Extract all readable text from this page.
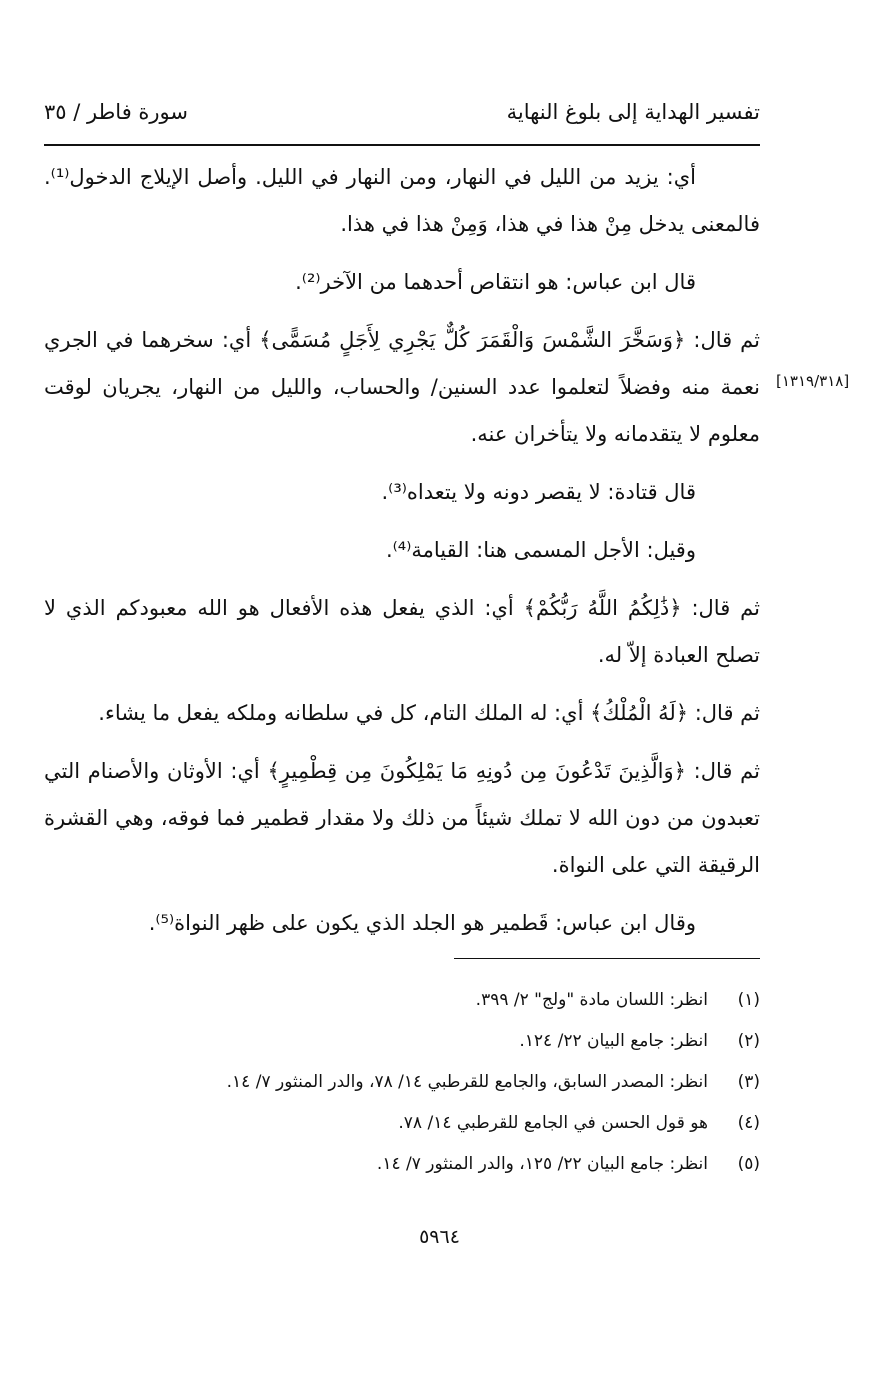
تفسير الهداية إلى بلوغ النهاية
سورة فاطر / ٣٥
[١٣١٩/٣١٨]

أي: يزيد من الليل في النهار، ومن النهار في الليل. وأصل الإيلاج الدخول⁽¹⁾. فالمعنى يدخل مِنْ هذا في هذا، وَمِنْ هذا في هذا.

قال ابن عباس: هو انتقاص أحدهما من الآخر⁽²⁾.

ثم قال: ﴿وَسَخَّرَ الشَّمْسَ وَالْقَمَرَ كُلٌّ يَجْرِي لِأَجَلٍ مُسَمًّى﴾ أي: سخرهما في الجري نعمة منه وفضلاً لتعلموا عدد السنين/ والحساب، والليل من النهار، يجريان لوقت معلوم لا يتقدمانه ولا يتأخران عنه.

قال قتادة: لا يقصر دونه ولا يتعداه⁽³⁾.

وقيل: الأجل المسمى هنا: القيامة⁽⁴⁾.

ثم قال: ﴿ذَٰلِكُمُ اللَّهُ رَبُّكُمْ﴾ أي: الذي يفعل هذه الأفعال هو الله معبودكم الذي لا تصلح العبادة إلاّ له.

ثم قال: ﴿لَهُ الْمُلْكُ﴾ أي: له الملك التام، كل في سلطانه وملكه يفعل ما يشاء.

ثم قال: ﴿وَالَّذِينَ تَدْعُونَ مِن دُونِهِ مَا يَمْلِكُونَ مِن قِطْمِيرٍ﴾ أي: الأوثان والأصنام التي تعبدون من دون الله لا تملك شيئاً من ذلك ولا مقدار قطمير فما فوقه، وهي القشرة الرقيقة التي على النواة.

وقال ابن عباس: قَطمير هو الجلد الذي يكون على ظهر النواة⁽⁵⁾.

(١)انظر: اللسان مادة "ولج" ٢/ ٣٩٩.
(٢)انظر: جامع البيان ٢٢/ ١٢٤.
(٣)انظر: المصدر السابق، والجامع للقرطبي ١٤/ ٧٨، والدر المنثور ٧/ ١٤.
(٤)هو قول الحسن في الجامع للقرطبي ١٤/ ٧٨.
(٥)انظر: جامع البيان ٢٢/ ١٢٥، والدر المنثور ٧/ ١٤.
٥٩٦٤
